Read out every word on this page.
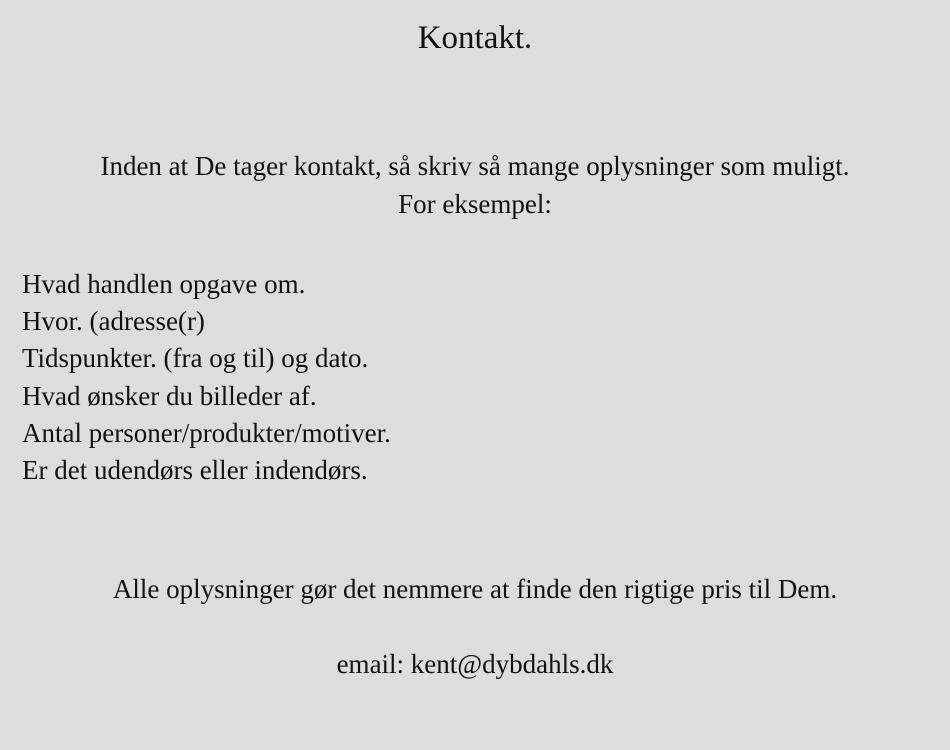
Kontakt.
Inden at De tager kontakt, så skriv så mange oplysninger som muligt.
For eksempel:
Hvad handlen opgave om.
Hvor. (adresse(r)
Tidspunkter. (fra og til) og dato.
Hvad ønsker du billeder af.
Antal personer/produkter/motiver.
Er det udendørs eller indendørs.
Alle oplysninger gør det nemmere at finde den rigtige pris til Dem.
email: kent@dybdahls.dk
